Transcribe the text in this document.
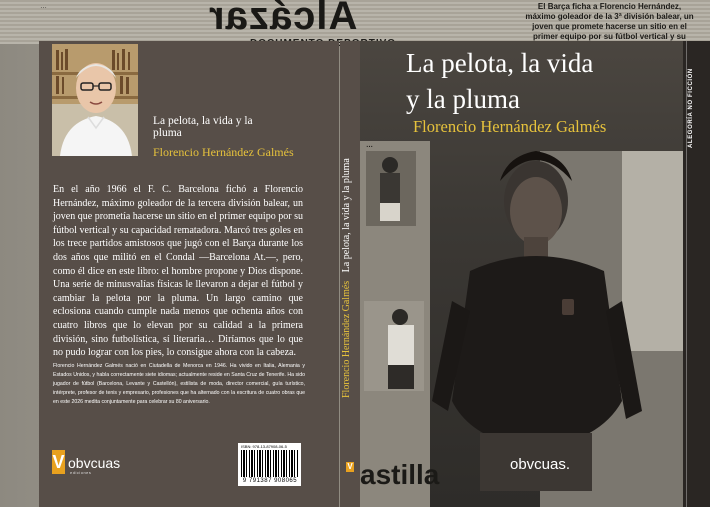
…	Alcázar	El Barça ficha a Florencio Hernández, máximo goleador de la 3ª división balear, un joven que promete hacerse un sitio en el primer equipo por su fútbol vertical y su
La pelota, la vida y la pluma
Florencio Hernández Galmés
En el año 1966 el F. C. Barcelona fichó a Florencio Hernández, máximo goleador de la tercera división balear, un joven que prometía hacerse un sitio en el primer equipo por su fútbol vertical y su capacidad rematadora. Marcó tres goles en los trece partidos amistosos que jugó con el Barça durante los dos años que militó en el Condal —Barcelona At.—, pero, como él dice en este libro: el hombre propone y Dios dispone. Una serie de minusvalías físicas le llevaron a dejar el fútbol y cambiar la pelota por la pluma. Un largo camino que eclosiona cuando cumple nada menos que ochenta años con cuatro libros que lo elevan por su calidad a la primera división, sino futbolística, sí literaria… Diríamos que lo que no pudo lograr con los pies, lo consigue ahora con la cabeza.
Florencio Hernández Galmés nació en Ciutadella de Menorca en 1946. Ha vivido en Italia, Alemania y Estados Unidos, y habla correctamente siete idiomas; actualmente reside en Santa Cruz de Tenerife. Ha sido jugador de fútbol (Barcelona, Levante y Castellón), estilista de moda, director comercial, guía turístico, intérprete, profesor de tenis y empresario, profesiones que ha alternado con la escritura de cuatro obras que en este 2026 medita conjuntamente para celebrar su 80 aniversario.
V obvcuas
ediciones
ISBN: 978-13-87908-06-5
9 791387 908065
Florencio Hernández Galmés La pelota, la vida y la pluma
V
…
astilla
La pelota, la vida
y la pluma
Florencio Hernández Galmés
obvcuas.
ALEGORÍA NO FICCIÓN
